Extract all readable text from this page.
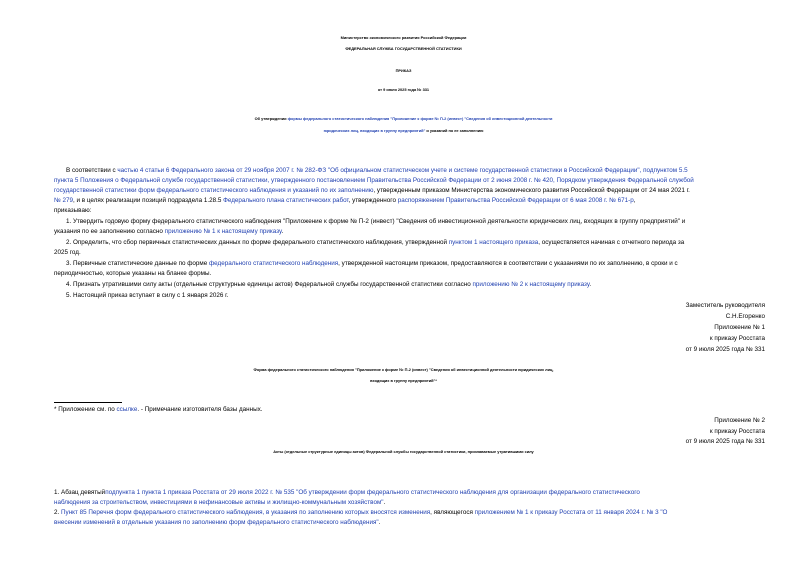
Министерство экономического развития Российской Федерации
ФЕДЕРАЛЬНАЯ СЛУЖБА ГОСУДАРСТВЕННОЙ СТАТИСТИКИ
ПРИКАЗ
от 9 июля 2025 года № 331
Об утверждении формы федерального статистического наблюдения "Приложение к форме № П-2 (инвест) "Сведения об инвестиционной деятельности
юридических лиц, входящих в группу предприятий" и указаний по ее заполнению
В соответствии с частью 4 статьи 6 Федерального закона от 29 ноября 2007 г. № 282-ФЗ "Об официальном статистическом учете и системе государственной статистики в Российской Федерации", подпунктом 5.5
пункта 5 Положения о Федеральной службе государственной статистики, утвержденного постановлением Правительства Российской Федерации от 2 июня 2008 г. № 420, Порядком утверждения Федеральной службой
государственной статистики форм федерального статистического наблюдения и указаний по их заполнению, утвержденным приказом Министерства экономического развития Российской Федерации от 24 мая 2021 г.
№ 279, и в целях реализации позиций подраздела 1.28.5 Федерального плана статистических работ, утвержденного распоряжением Правительства Российской Федерации от 6 мая 2008 г. № 671-р,
приказываю:
1. Утвердить годовую форму федерального статистического наблюдения "Приложение к форме № П-2 (инвест) "Сведения об инвестиционной деятельности юридических лиц, входящих в группу предприятий" и
указания по ее заполнению согласно приложению № 1 к настоящему приказу.
2. Определить, что сбор первичных статистических данных по форме федерального статистического наблюдения, утвержденной пунктом 1 настоящего приказа, осуществляется начиная с отчетного периода за
2025 год.
3. Первичные статистические данные по форме федерального статистического наблюдения, утвержденной настоящим приказом, предоставляются в соответствии с указаниями по их заполнению, в сроки и с
периодичностью, которые указаны на бланке формы.
4. Признать утратившими силу акты (отдельные структурные единицы актов) Федеральной службы государственной статистики согласно приложению № 2 к настоящему приказу.
5. Настоящий приказ вступает в силу с 1 января 2026 г.
Заместитель руководителя
С.Н.Егоренко
Приложение № 1
к приказу Росстата
от 9 июля 2025 года № 331
Форма федерального статистического наблюдения "Приложение к форме № П-2 (инвест) "Сведения об инвестиционной деятельности юридических лиц,
входящих в группу предприятий"*
* Приложение см. по ссылке. - Примечание изготовителя базы данных.
Приложение № 2
к приказу Росстата
от 9 июля 2025 года № 331
Акты (отдельные структурные единицы актов) Федеральной службы государственной статистики, признаваемые утратившими силу
1. Абзац девятыйподпункта 1 пункта 1 приказа Росстата от 29 июля 2022 г. № 535 "Об утверждении форм федерального статистического наблюдения для организации федерального статистического
наблюдения за строительством, инвестициями в нефинансовые активы и жилищно-коммунальным хозяйством".
2. Пункт 85 Перечня форм федерального статистического наблюдения, в указания по заполнению которых вносятся изменения, являющегося приложением № 1 к приказу Росстата от 11 января 2024 г. № 3 "О
внесении изменений в отдельные указания по заполнению форм федерального статистического наблюдения".
